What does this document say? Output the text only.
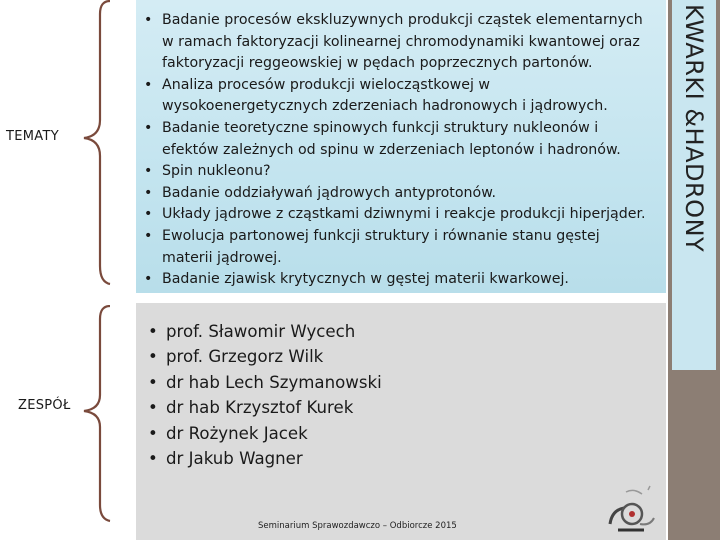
TEMATY
ZESPÓŁ
• Badanie procesów ekskluzywnych produkcji cząstek elementarnych w ramach faktoryzacji kolinearnej chromodynamiki kwantowej oraz faktoryzacji reggeowskiej w pędach poprzecznych partonów.
• Analiza procesów produkcji wielocząstkowej w wysokoenergetycznych zderzeniach hadronowych i jądrowych.
• Badanie teoretyczne spinowych funkcji struktury nukleonów i efektów zależnych od spinu w zderzeniach leptonów i hadronów.
• Spin nukleonu?
• Badanie oddziaływań jądrowych antyprotonów.
• Układy jądrowe z cząstkami dziwnymi i reakcje produkcji hiperjąder.
• Ewolucja partonowej funkcji struktury i równanie stanu gęstej materii jądrowej.
• Badanie zjawisk krytycznych w gęstej materii kwarkowej.
• prof. Sławomir Wycech
• prof. Grzegorz Wilk
• dr hab Lech Szymanowski
• dr hab Krzysztof Kurek
• dr Rożynek Jacek
• dr Jakub Wagner
KWARKI &HADRONY
Seminarium Sprawozdawczo – Odbiorcze 2015
